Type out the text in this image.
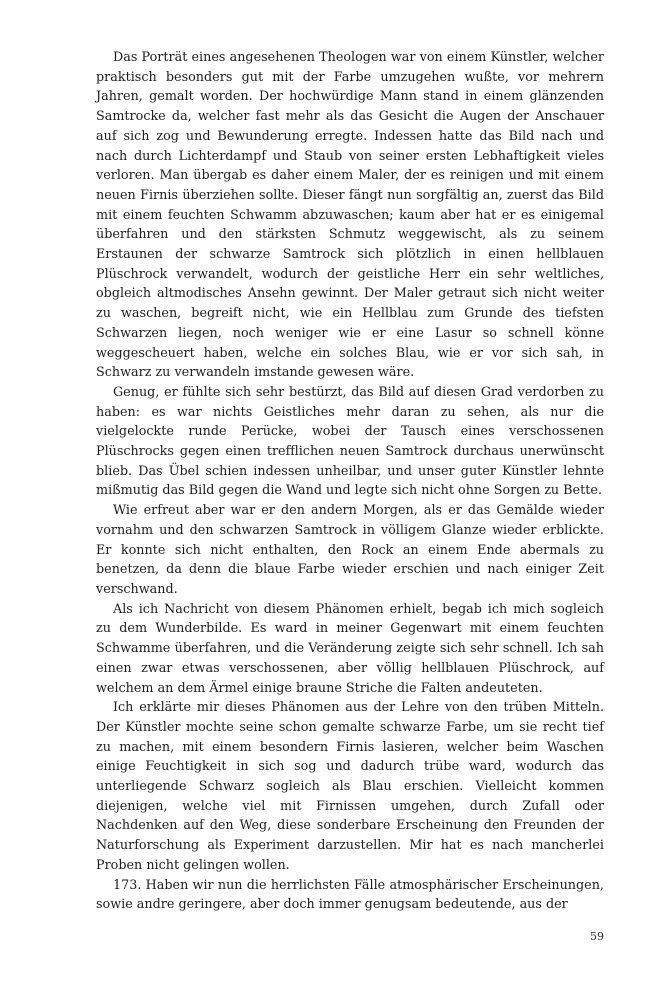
Das Porträt eines angesehenen Theologen war von einem Künstler, welcher praktisch besonders gut mit der Farbe umzugehen wußte, vor mehrern Jahren, gemalt worden. Der hochwürdige Mann stand in einem glänzenden Samtrocke da, welcher fast mehr als das Gesicht die Augen der Anschauer auf sich zog und Bewunderung erregte. Indessen hatte das Bild nach und nach durch Lichterdampf und Staub von seiner ersten Lebhaftigkeit vieles verloren. Man übergab es daher einem Maler, der es reinigen und mit einem neuen Firnis überziehen sollte. Dieser fängt nun sorgfältig an, zuerst das Bild mit einem feuchten Schwamm abzuwaschen; kaum aber hat er es einigemal überfahren und den stärksten Schmutz weggewischt, als zu seinem Erstaunen der schwarze Samtrock sich plötzlich in einen hellblauen Plüschrock verwandelt, wodurch der geistliche Herr ein sehr weltliches, obgleich altmodisches Ansehn gewinnt. Der Maler getraut sich nicht weiter zu waschen, begreift nicht, wie ein Hellblau zum Grunde des tiefsten Schwarzen liegen, noch weniger wie er eine Lasur so schnell könne weggescheuert haben, welche ein solches Blau, wie er vor sich sah, in Schwarz zu verwandeln imstande gewesen wäre.

Genug, er fühlte sich sehr bestürzt, das Bild auf diesen Grad verdorben zu haben: es war nichts Geistliches mehr daran zu sehen, als nur die vielgelockte runde Perücke, wobei der Tausch eines verschossenen Plüschrocks gegen einen trefflichen neuen Samtrock durchaus unerwünscht blieb. Das Übel schien indessen unheilbar, und unser guter Künstler lehnte mißmutig das Bild gegen die Wand und legte sich nicht ohne Sorgen zu Bette.

Wie erfreut aber war er den andern Morgen, als er das Gemälde wieder vornahm und den schwarzen Samtrock in völligem Glanze wieder erblickte. Er konnte sich nicht enthalten, den Rock an einem Ende abermals zu benetzen, da denn die blaue Farbe wieder erschien und nach einiger Zeit verschwand.

Als ich Nachricht von diesem Phänomen erhielt, begab ich mich sogleich zu dem Wunderbilde. Es ward in meiner Gegenwart mit einem feuchten Schwamme überfahren, und die Veränderung zeigte sich sehr schnell. Ich sah einen zwar etwas verschossenen, aber völlig hellblauen Plüschrock, auf welchem an dem Ärmel einige braune Striche die Falten andeuteten.

Ich erklärte mir dieses Phänomen aus der Lehre von den trüben Mitteln. Der Künstler mochte seine schon gemalte schwarze Farbe, um sie recht tief zu machen, mit einem besondern Firnis lasieren, welcher beim Waschen einige Feuchtigkeit in sich sog und dadurch trübe ward, wodurch das unterliegende Schwarz sogleich als Blau erschien. Vielleicht kommen diejenigen, welche viel mit Firnissen umgehen, durch Zufall oder Nachdenken auf den Weg, diese sonderbare Erscheinung den Freunden der Naturforschung als Experiment darzustellen. Mir hat es nach mancherlei Proben nicht gelingen wollen.

173. Haben wir nun die herrlichsten Fälle atmosphärischer Erscheinungen, sowie andre geringere, aber doch immer genugsam bedeutende, aus der

59
